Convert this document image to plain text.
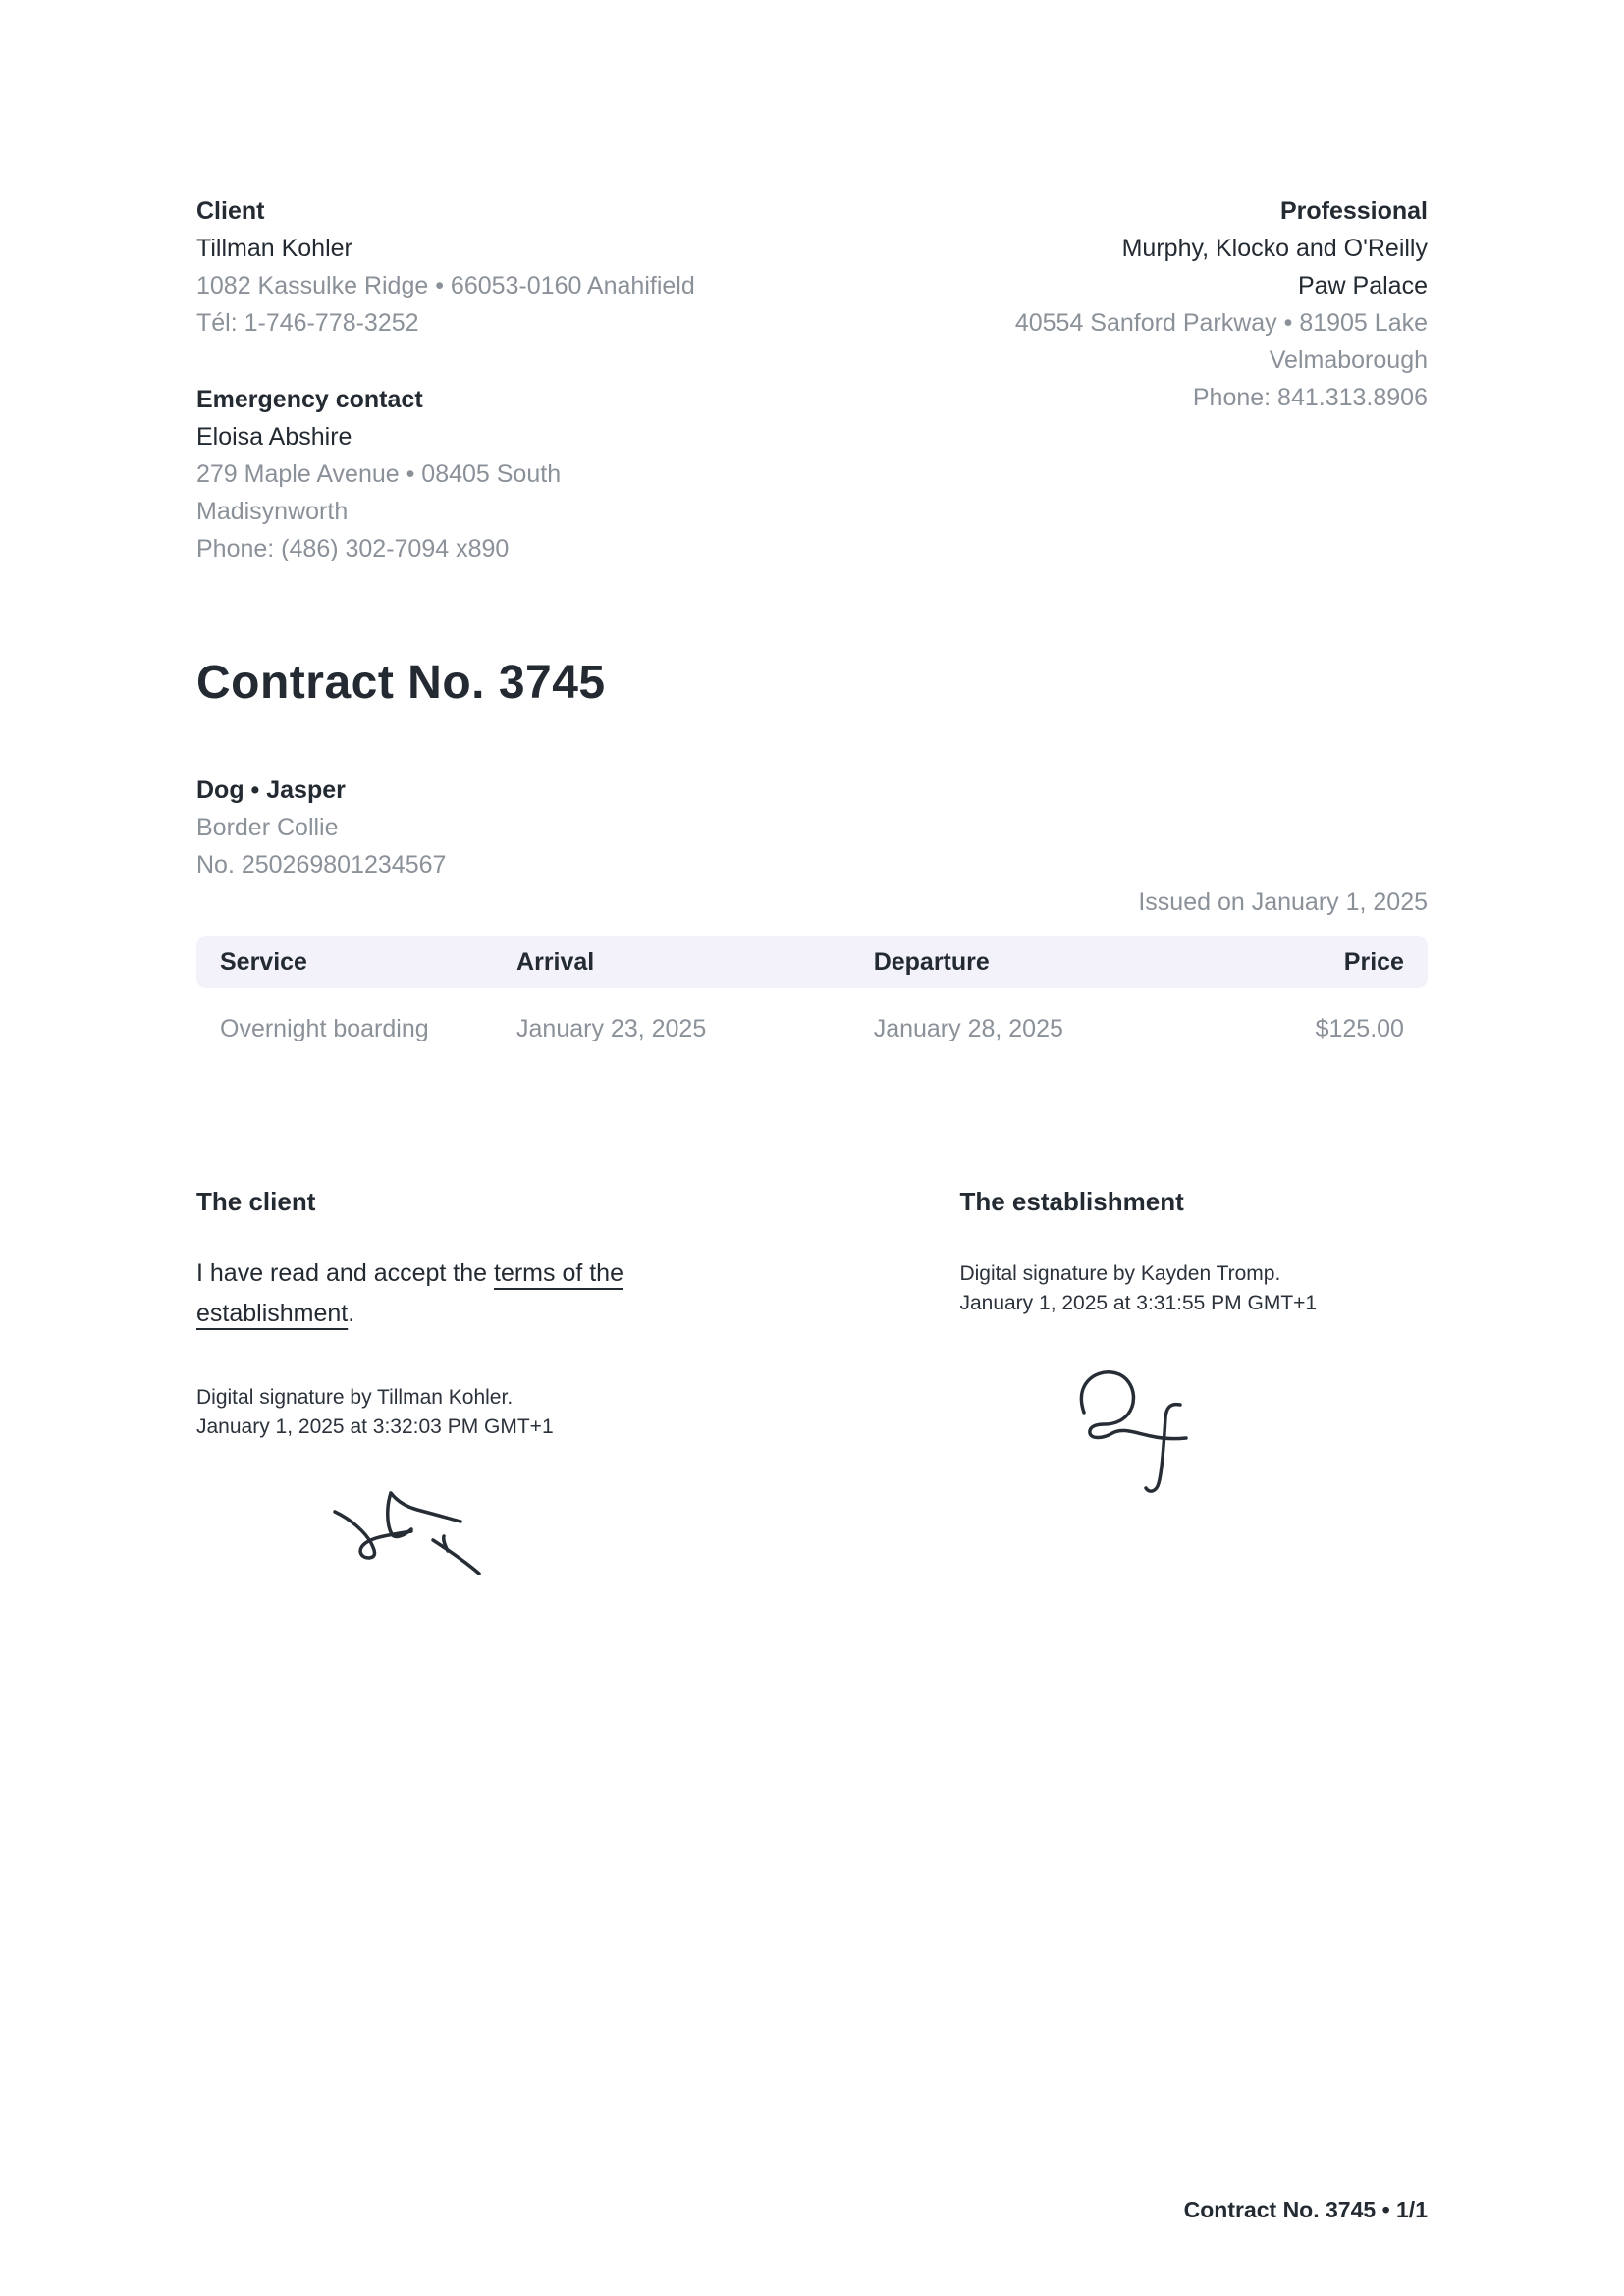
Client
Tillman Kohler
1082 Kassulke Ridge • 66053-0160 Anahifield
Tél: 1-746-778-3252
Emergency contact
Eloisa Abshire
279 Maple Avenue • 08405 South
Madisynworth
Phone: (486) 302-7094 x890
Professional
Murphy, Klocko and O'Reilly
Paw Palace
40554 Sanford Parkway • 81905 Lake
Velmaborough
Phone: 841.313.8906
Contract No. 3745
Dog • Jasper
Border Collie
No. 250269801234567
Issued on January 1, 2025
Service	Arrival	Departure	Price
Overnight boarding	January 23, 2025	January 28, 2025	$125.00
The client

I have read and accept the terms of the establishment.

Digital signature by Tillman Kohler.
January 1, 2025 at 3:32:03 PM GMT+1
The establishment
Digital signature by Kayden Tromp.
January 1, 2025 at 3:31:55 PM GMT+1
Contract No. 3745 • 1/1
